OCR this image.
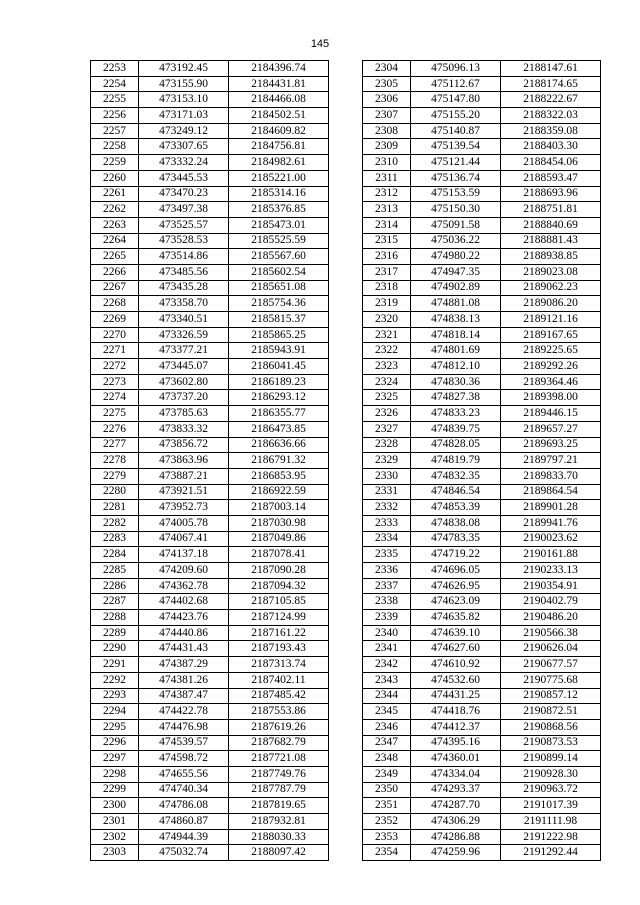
145
2253	473192.45	2184396.74
2254	473155.90	2184431.81
2255	473153.10	2184466.08
2256	473171.03	2184502.51
2257	473249.12	2184609.82
2258	473307.65	2184756.81
2259	473332.24	2184982.61
2260	473445.53	2185221.00
2261	473470.23	2185314.16
2262	473497.38	2185376.85
2263	473525.57	2185473.01
2264	473528.53	2185525.59
2265	473514.86	2185567.60
2266	473485.56	2185602.54
2267	473435.28	2185651.08
2268	473358.70	2185754.36
2269	473340.51	2185815.37
2270	473326.59	2185865.25
2271	473377.21	2185943.91
2272	473445.07	2186041.45
2273	473602.80	2186189.23
2274	473737.20	2186293.12
2275	473785.63	2186355.77
2276	473833.32	2186473.85
2277	473856.72	2186636.66
2278	473863.96	2186791.32
2279	473887.21	2186853.95
2280	473921.51	2186922.59
2281	473952.73	2187003.14
2282	474005.78	2187030.98
2283	474067.41	2187049.86
2284	474137.18	2187078.41
2285	474209.60	2187090.28
2286	474362.78	2187094.32
2287	474402.68	2187105.85
2288	474423.76	2187124.99
2289	474440.86	2187161.22
2290	474431.43	2187193.43
2291	474387.29	2187313.74
2292	474381.26	2187402.11
2293	474387.47	2187485.42
2294	474422.78	2187553.86
2295	474476.98	2187619.26
2296	474539.57	2187682.79
2297	474598.72	2187721.08
2298	474655.56	2187749.76
2299	474740.34	2187787.79
2300	474786.08	2187819.65
2301	474860.87	2187932.81
2302	474944.39	2188030.33
2303	475032.74	2188097.42
2304	475096.13	2188147.61
2305	475112.67	2188174.65
2306	475147.80	2188222.67
2307	475155.20	2188322.03
2308	475140.87	2188359.08
2309	475139.54	2188403.30
2310	475121.44	2188454.06
2311	475136.74	2188593.47
2312	475153.59	2188693.96
2313	475150.30	2188751.81
2314	475091.58	2188840.69
2315	475036.22	2188881.43
2316	474980.22	2188938.85
2317	474947.35	2189023.08
2318	474902.89	2189062.23
2319	474881.08	2189086.20
2320	474838.13	2189121.16
2321	474818.14	2189167.65
2322	474801.69	2189225.65
2323	474812.10	2189292.26
2324	474830.36	2189364.46
2325	474827.38	2189398.00
2326	474833.23	2189446.15
2327	474839.75	2189657.27
2328	474828.05	2189693.25
2329	474819.79	2189797.21
2330	474832.35	2189833.70
2331	474846.54	2189864.54
2332	474853.39	2189901.28
2333	474838.08	2189941.76
2334	474783.35	2190023.62
2335	474719.22	2190161.88
2336	474696.05	2190233.13
2337	474626.95	2190354.91
2338	474623.09	2190402.79
2339	474635.82	2190486.20
2340	474639.10	2190566.38
2341	474627.60	2190626.04
2342	474610.92	2190677.57
2343	474532.60	2190775.68
2344	474431.25	2190857.12
2345	474418.76	2190872.51
2346	474412.37	2190868.56
2347	474395.16	2190873.53
2348	474360.01	2190899.14
2349	474334.04	2190928.30
2350	474293.37	2190963.72
2351	474287.70	2191017.39
2352	474306.29	2191111.98
2353	474286.88	2191222.98
2354	474259.96	2191292.44
